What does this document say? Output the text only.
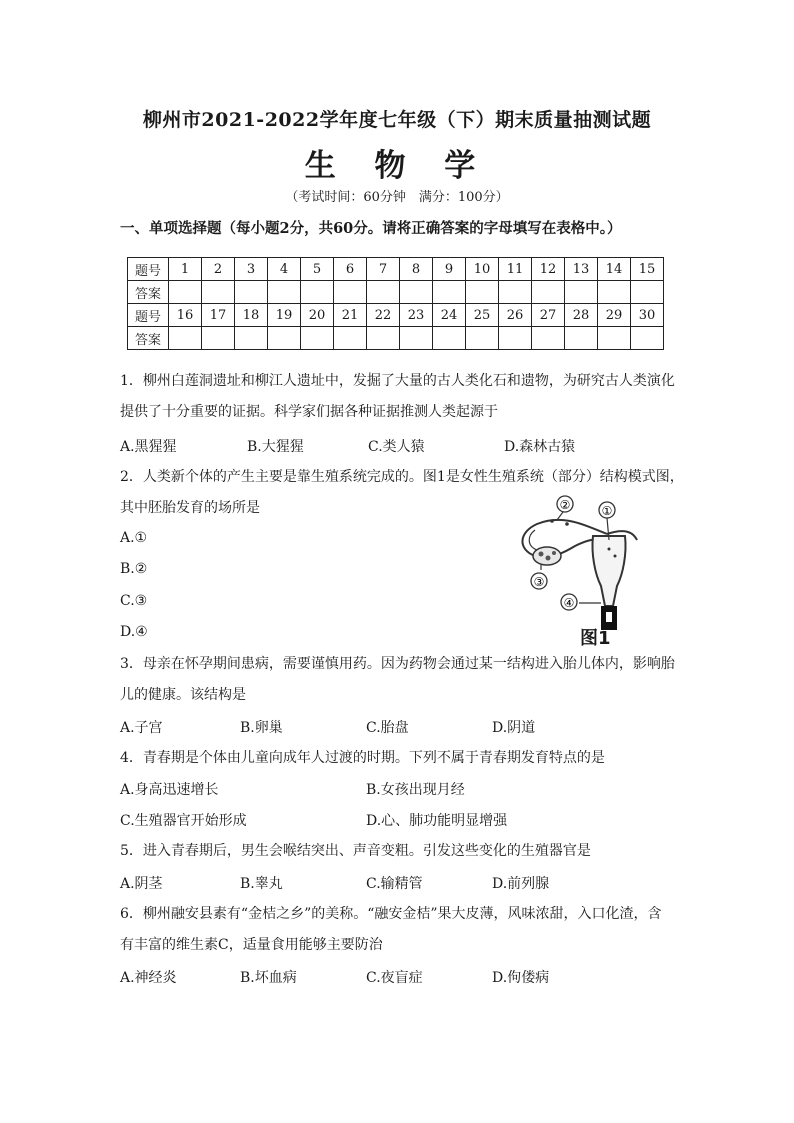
柳州市2021-2022学年度七年级（下）期末质量抽测试题
生 物 学
（考试时间：60分钟　满分：100分）
一、单项选择题（每小题2分，共60分。请将正确答案的字母填写在表格中。）
题号	1	2	3	4	5	6	7	8	9	10	11	12	13	14	15
答案															
题号	16	17	18	19	20	21	22	23	24	25	26	27	28	29	30
答案															
1．柳州白莲洞遗址和柳江人遗址中，发掘了大量的古人类化石和遗物，为研究古人类演化
提供了十分重要的证据。科学家们据各种证据推测人类起源于
A.黑猩猩	B.大猩猩	C.类人猿	D.森林古猿
2．人类新个体的产生主要是靠生殖系统完成的。图1是女性生殖系统（部分）结构模式图，
其中胚胎发育的场所是
A.①
B.②
C.③
D.④
①
②
③
④
图1
3．母亲在怀孕期间患病，需要谨慎用药。因为药物会通过某一结构进入胎儿体内，影响胎
儿的健康。该结构是
A.子宫	B.卵巢	C.胎盘	D.阴道
4．青春期是个体由儿童向成年人过渡的时期。下列不属于青春期发育特点的是
A.身高迅速增长	B.女孩出现月经
C.生殖器官开始形成	D.心、肺功能明显增强
5．进入青春期后，男生会喉结突出、声音变粗。引发这些变化的生殖器官是
A.阴茎	B.睾丸	C.输精管	D.前列腺
6．柳州融安县素有“金桔之乡”的美称。“融安金桔”果大皮薄，风味浓甜，入口化渣，含
有丰富的维生素C，适量食用能够主要防治
A.神经炎	B.坏血病	C.夜盲症	D.佝偻病
